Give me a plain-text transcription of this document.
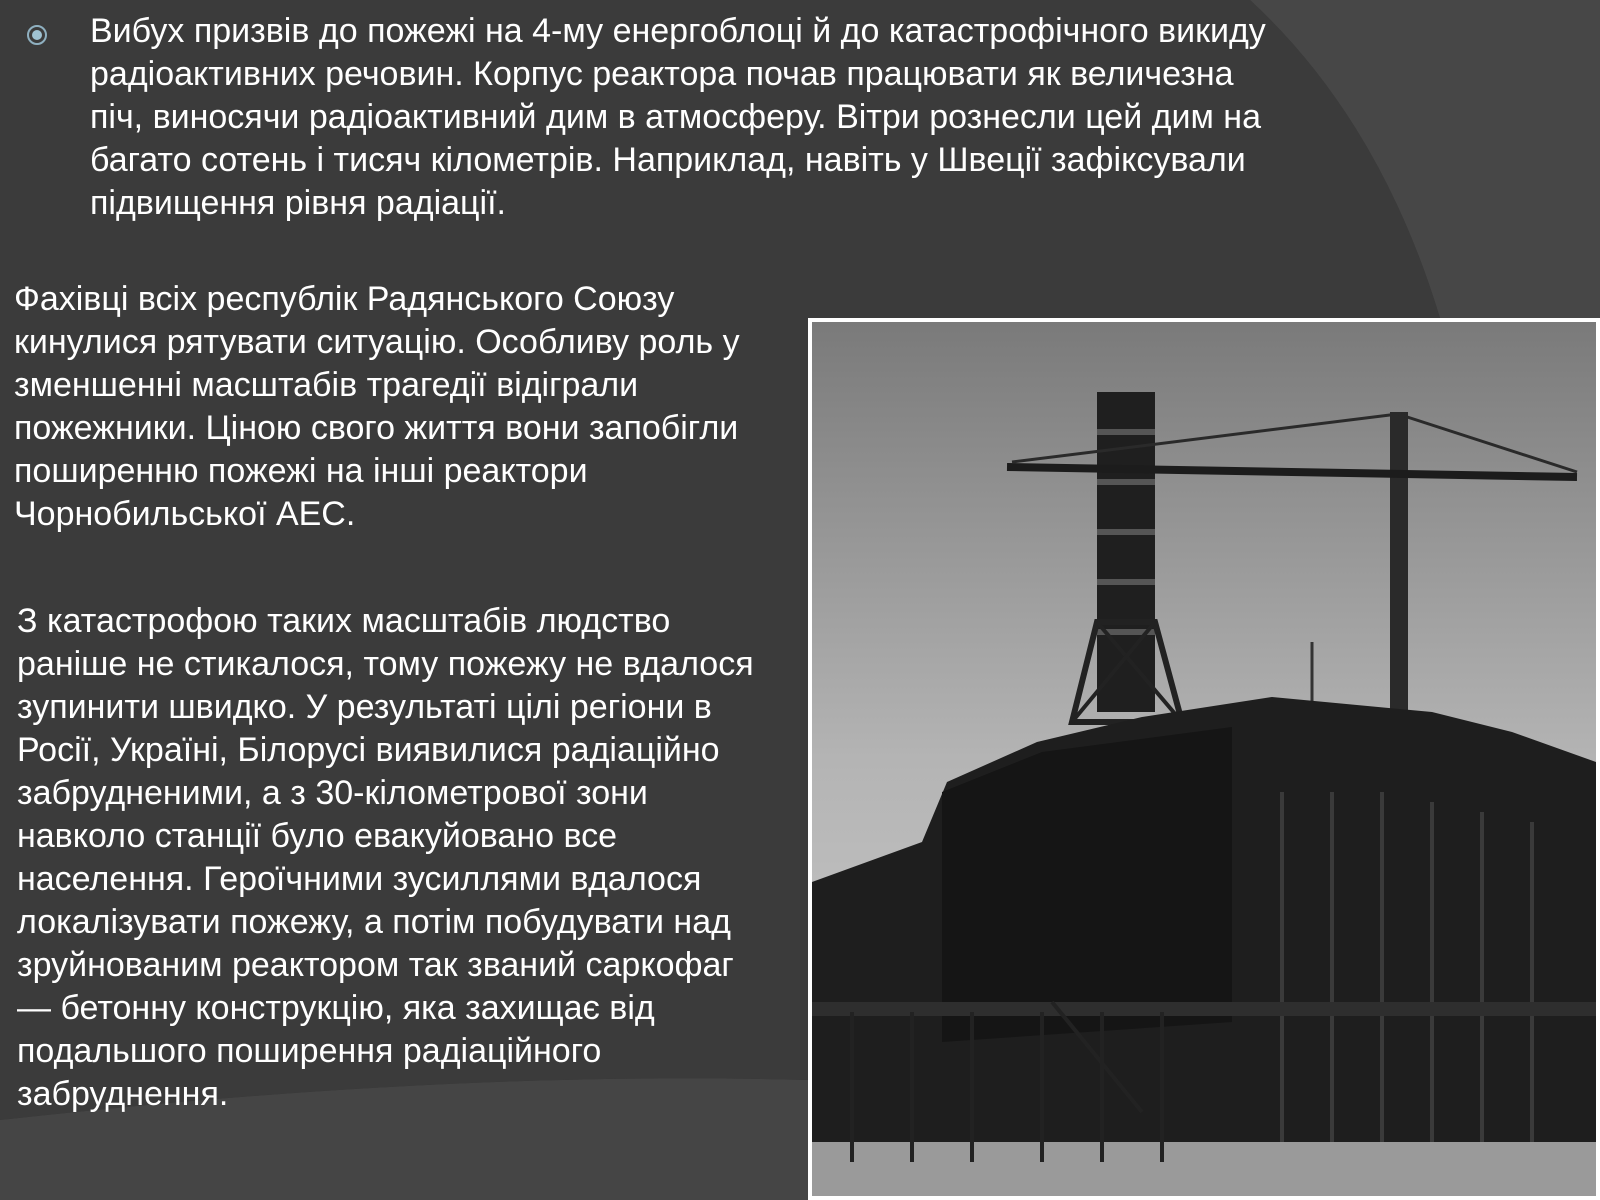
Вибух призвів до пожежі на 4-му енергоблоці й до катастрофічного викиду радіоактивних речовин. Корпус реактора почав працювати як величезна піч, виносячи радіоактивний дим в атмосферу. Вітри рознесли цей дим на багато сотень і тисяч кілометрів. Наприклад, навіть у Швеції зафіксували підвищення рівня радіації.

Фахівці всіх республік Радянського Союзу кинулися рятувати ситуацію. Особливу роль у зменшенні масштабів трагедії відіграли пожежники. Ціною свого життя вони запобігли поширенню пожежі на інші реактори Чорнобильської АЕС.

З катастрофою таких масштабів людство раніше не стикалося, тому пожежу не вдалося зупинити швидко. У результаті цілі регіони в Росії, Україні, Білорусі виявилися радіаційно забрудненими, а з 30-кілометрової зони навколо станції було евакуйовано все населення. Героїчними зусиллями вдалося локалізувати пожежу, а потім побудувати над зруйнованим реактором так званий саркофаг — бетонну конструкцію, яка захищає від подальшого поширення радіаційного забруднення.
